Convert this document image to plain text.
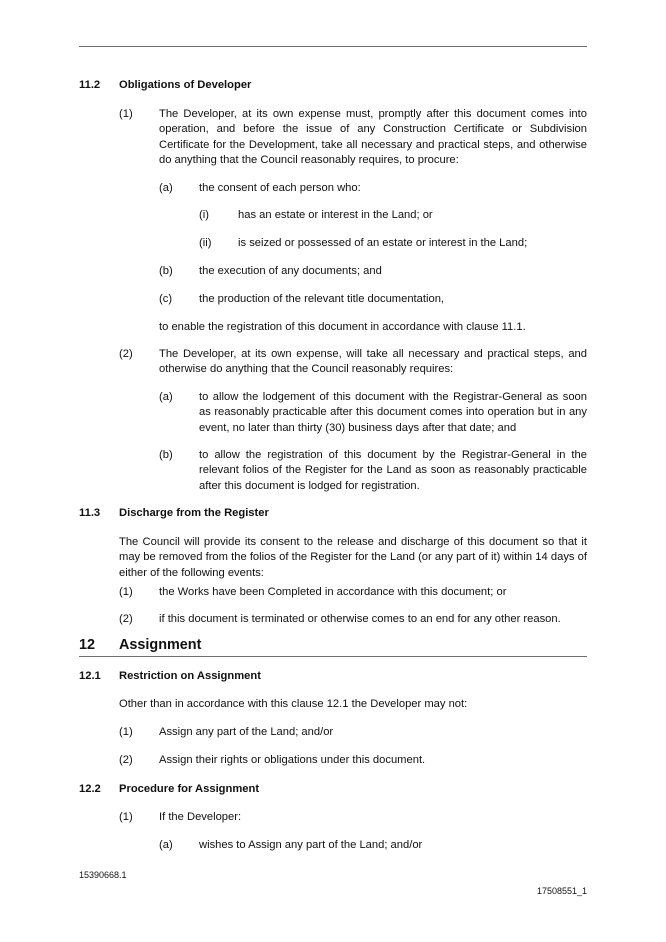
11.2 Obligations of Developer
(1) The Developer, at its own expense must, promptly after this document comes into operation, and before the issue of any Construction Certificate or Subdivision Certificate for the Development, take all necessary and practical steps, and otherwise do anything that the Council reasonably requires, to procure:

(a) the consent of each person who:
(i)	has an estate or interest in the Land; or
(ii) is seized or possessed of an estate or interest in the Land;
(b) the execution of any documents; and
(c) the production of the relevant title documentation,
to enable the registration of this document in accordance with clause 11.1.
(2) The Developer, at its own expense, will take all necessary and practical steps, and otherwise do anything that the Council reasonably requires:

(a) to allow the lodgement of this document with the Registrar-General as soon as reasonably practicable after this document comes into operation but in any event, no later than thirty (30) business days after that date; and

(b) to allow the registration of this document by the Registrar-General in the relevant folios of the Register for the Land as soon as reasonably practicable after this document is lodged for registration.

11.3 Discharge from the Register

The Council will provide its consent to the release and discharge of this document so that it may be removed from the folios of the Register for the Land (or any part of it) within 14 days of either of the following events:

(1) the Works have been Completed in accordance with this document; or
(2) if this document is terminated or otherwise comes to an end for any other reason.
12 Assignment
12.1 Restriction on Assignment
Other than in accordance with this clause 12.1 the Developer may not:
(1) Assign any part of the Land; and/or
(2) Assign their rights or obligations under this document.
12.2 Procedure for Assignment
(1) If the Developer:
(a) wishes to Assign any part of the Land; and/or
15390668.1
17508551_1
